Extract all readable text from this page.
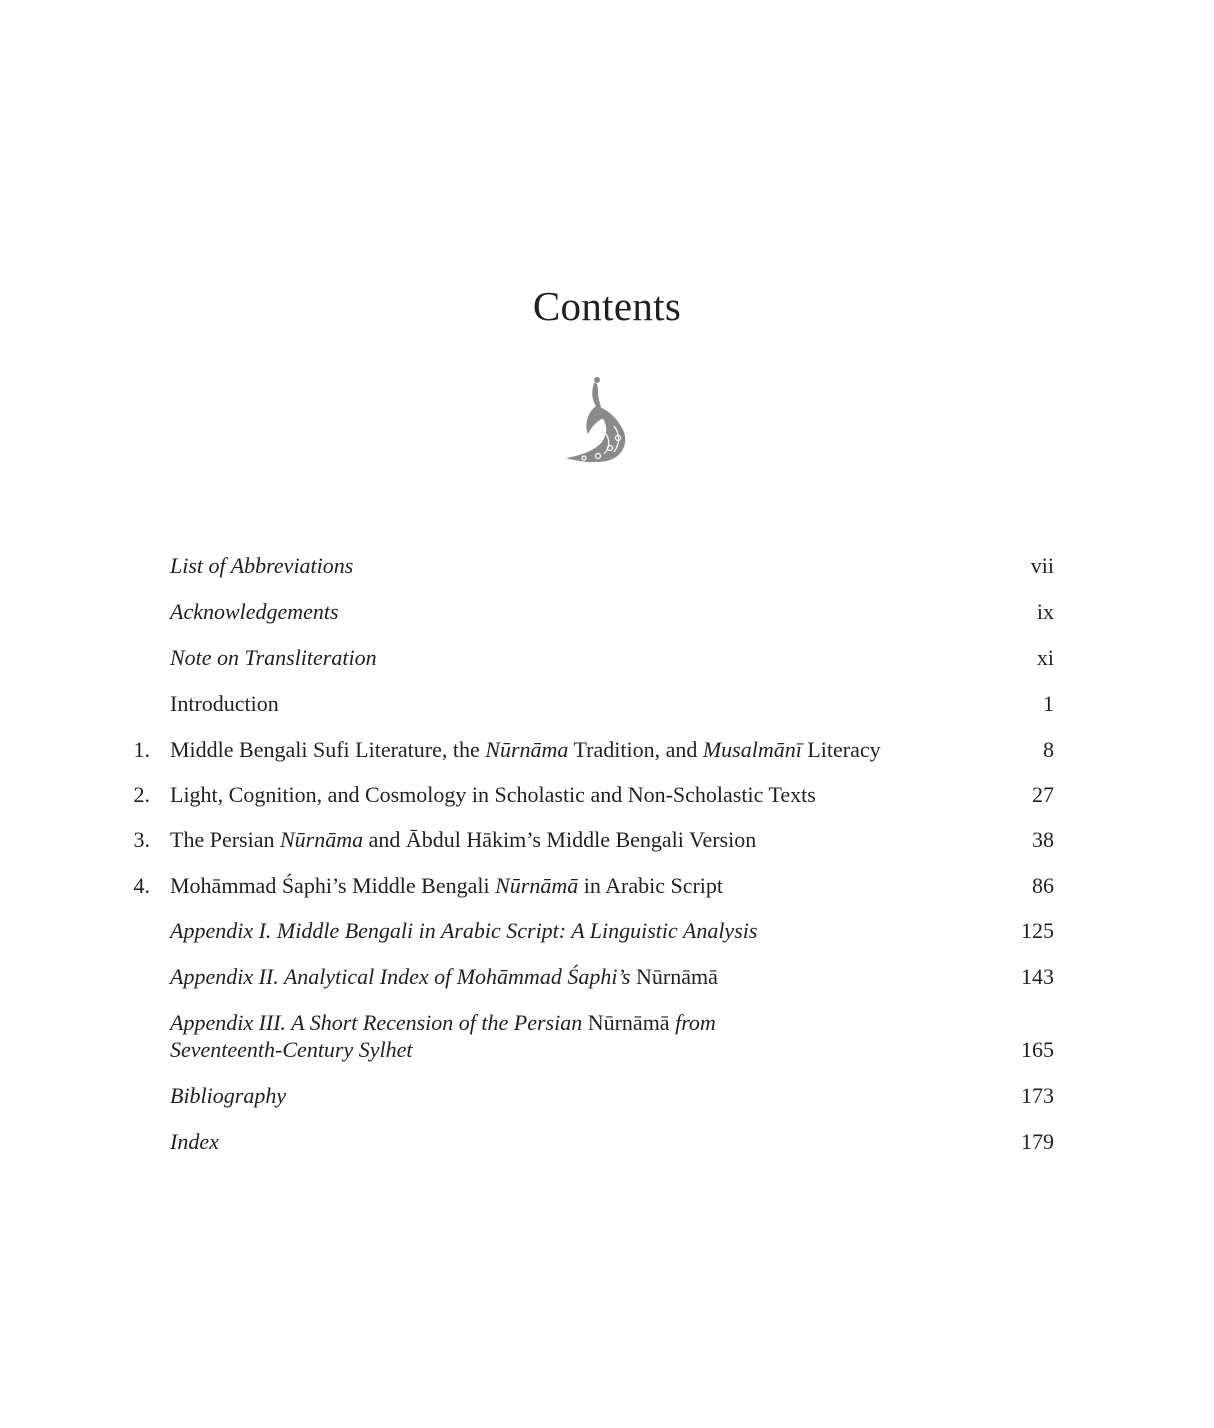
Contents
List of Abbreviations	vii
Acknowledgements	ix
Note on Transliteration	xi
Introduction	1
1. Middle Bengali Sufi Literature, the Nūrnāma Tradition, and Musalmānī Literacy	8
2. Light, Cognition, and Cosmology in Scholastic and Non-Scholastic Texts	27
3. The Persian Nūrnāma and Ābdul Hākim’s Middle Bengali Version	38
4. Mohāmmad Śaphi’s Middle Bengali Nūrnāmā in Arabic Script	86
Appendix I. Middle Bengali in Arabic Script: A Linguistic Analysis	125
Appendix II. Analytical Index of Mohāmmad Śaphi’s Nūrnāmā	143
Appendix III. A Short Recension of the Persian Nūrnāmā from Seventeenth-Century Sylhet	165
Bibliography	173
Index	179
